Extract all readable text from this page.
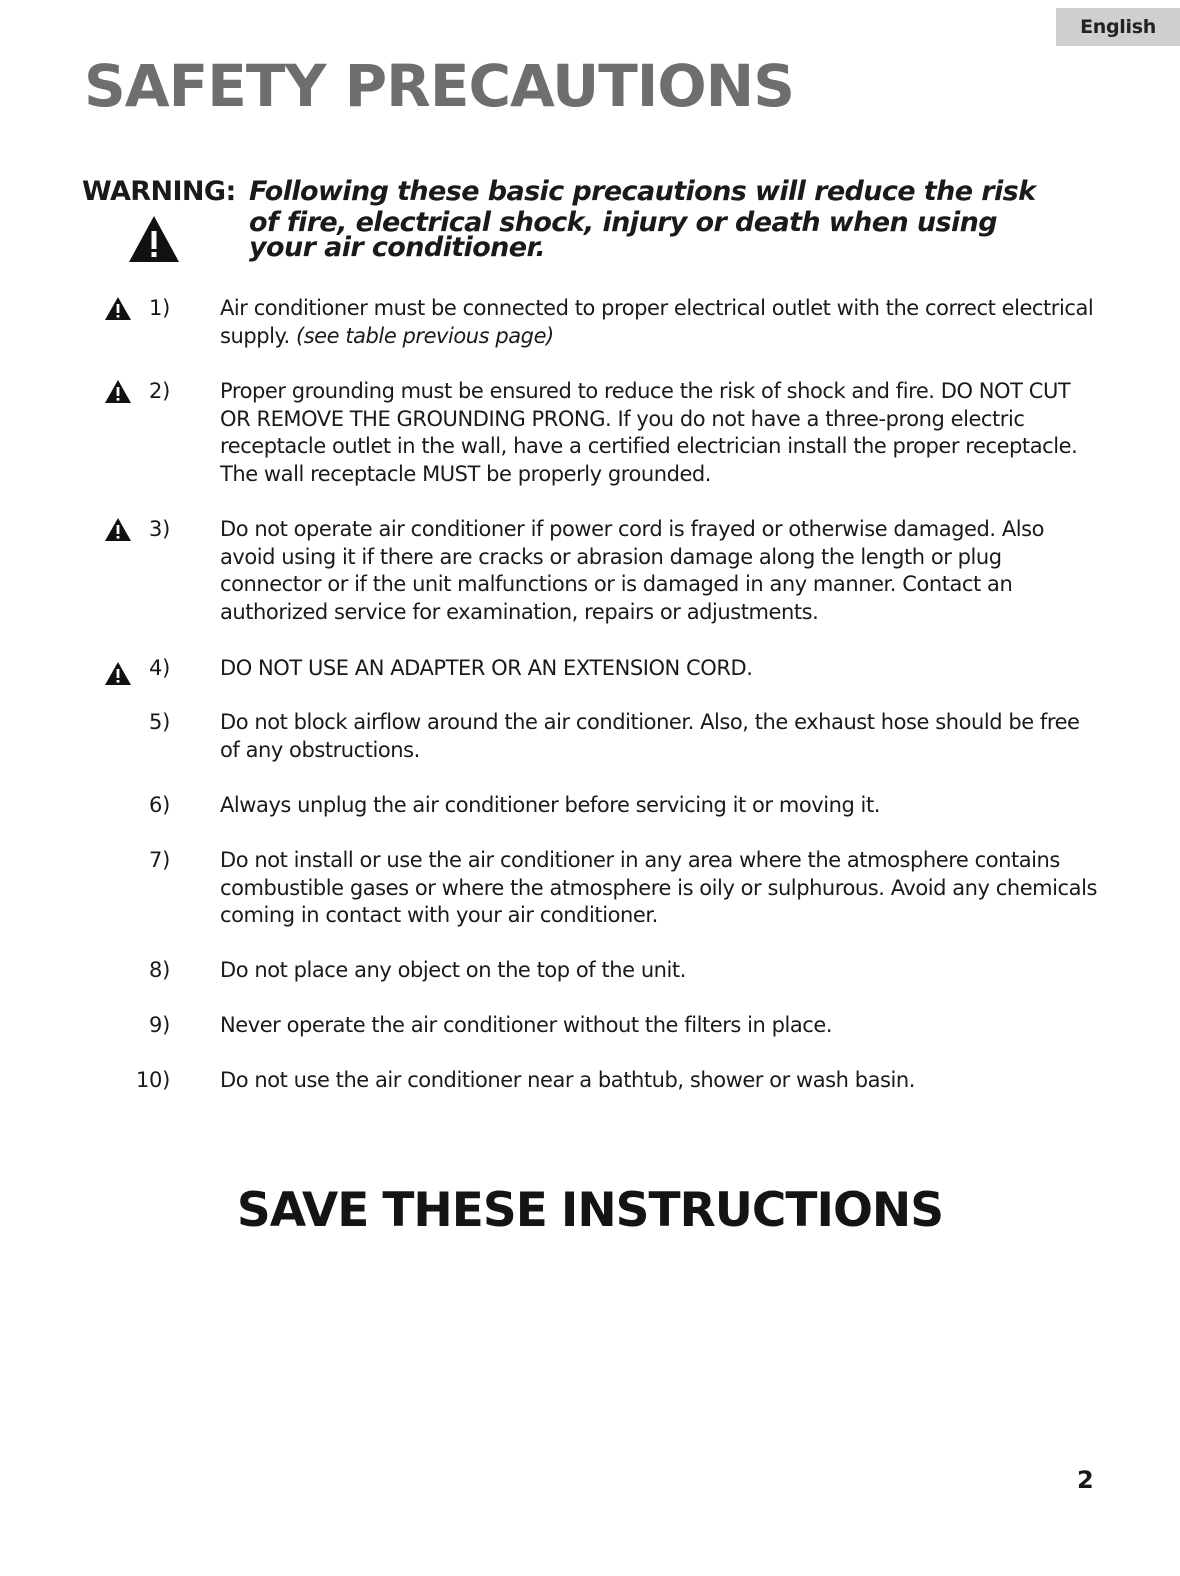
English
SAFETY PRECAUTIONS
WARNING: Following these basic precautions will reduce the risk
of fire, electrical shock, injury or death when using
your air conditioner.
1) Air conditioner must be connected to proper electrical outlet with the correct electrical supply. (see table previous page)
2) Proper grounding must be ensured to reduce the risk of shock and fire. DO NOT CUT OR REMOVE THE GROUNDING PRONG. If you do not have a three-prong electric receptacle outlet in the wall, have a certified electrician install the proper receptacle. The wall receptacle MUST be properly grounded.
3) Do not operate air conditioner if power cord is frayed or otherwise damaged. Also avoid using it if there are cracks or abrasion damage along the length or plug connector or if the unit malfunctions or is damaged in any manner. Contact an authorized service for examination, repairs or adjustments.
4) DO NOT USE AN ADAPTER OR AN EXTENSION CORD.
5) Do not block airflow around the air conditioner. Also, the exhaust hose should be free of any obstructions.
6) Always unplug the air conditioner before servicing it or moving it.
7) Do not install or use the air conditioner in any area where the atmosphere contains combustible gases or where the atmosphere is oily or sulphurous. Avoid any chemicals coming in contact with your air conditioner.
8) Do not place any object on the top of the unit.
9) Never operate the air conditioner without the filters in place.
10) Do not use the air conditioner near a bathtub, shower or wash basin.
SAVE THESE INSTRUCTIONS
2
